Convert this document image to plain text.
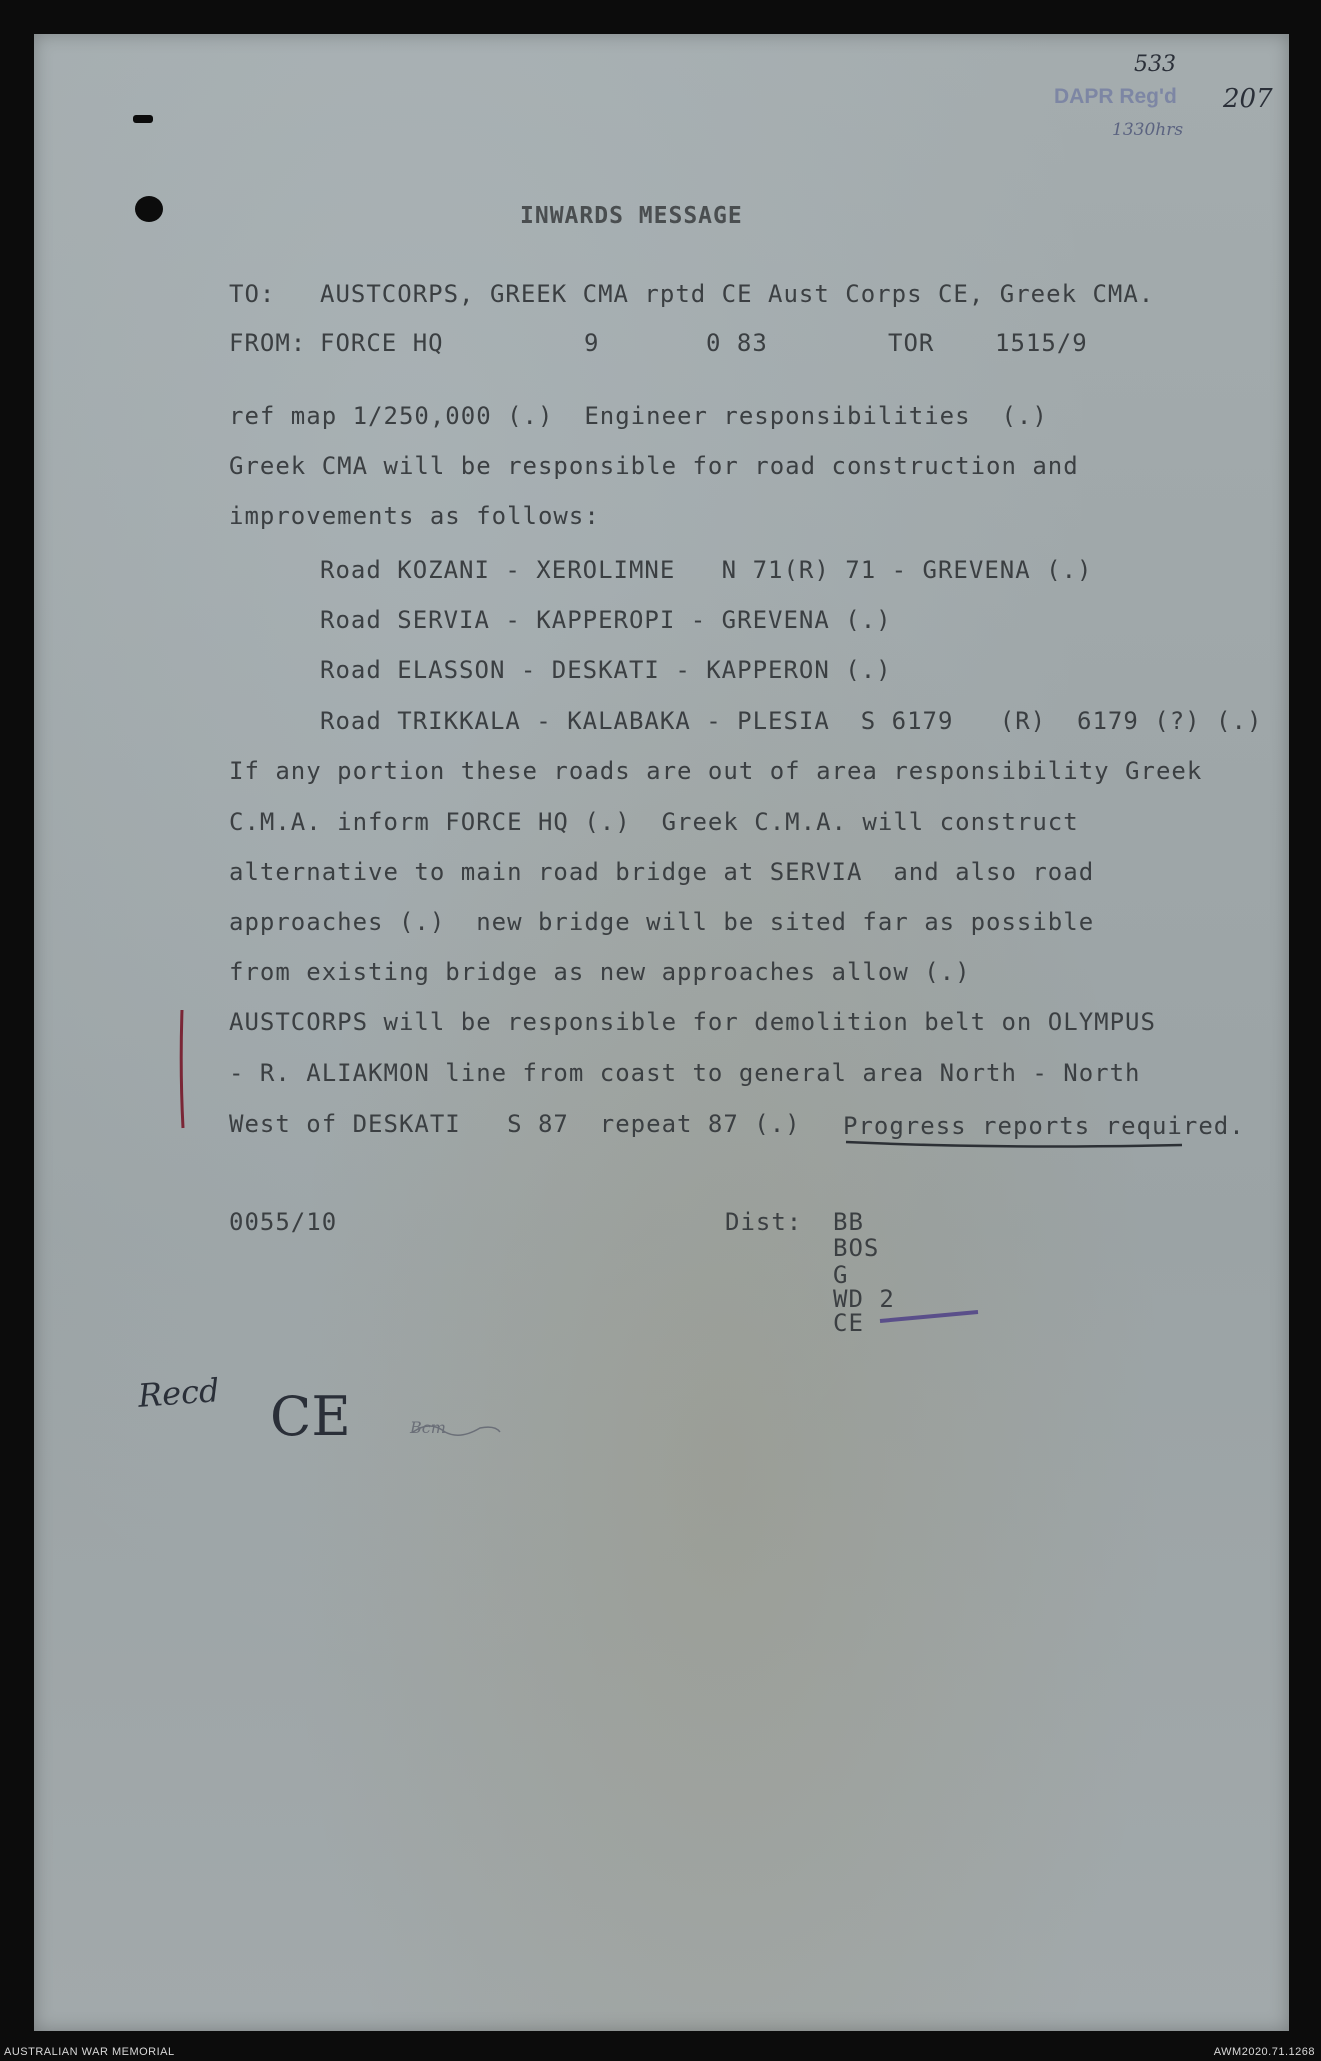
533
DAPR Reg'd 207
1330hrs
INWARDS MESSAGE
TO: AUSTCORPS, GREEK CMA rptd CE Aust Corps CE, Greek CMA.
FROM: FORCE HQ	9	0 83	TOR	1515/9
ref map 1/250,000 (.)  Engineer responsibilities  (.)
Greek CMA will be responsible for road construction and
improvements as follows:
Road KOZANI - XEROLIMNE   N 71(R) 71 - GREVENA (.)
Road SERVIA - KAPPEROPI - GREVENA (.)
Road ELASSON - DESKATI - KAPPERON (.)
Road TRIKKALA - KALABAKA - PLESIA  S 6179   (R)  6179 (?) (.)
If any portion these roads are out of area responsibility Greek
C.M.A. inform FORCE HQ (.)  Greek C.M.A. will construct
alternative to main road bridge at SERVIA  and also road
approaches (.)  new bridge will be sited far as possible
from existing bridge as new approaches allow (.)
AUSTCORPS will be responsible for demolition belt on OLYMPUS
- R. ALIAKMON line from coast to general area North - North
West of DESKATI   S 87  repeat 87 (.) Progress reports required.
0055/10	Dist: BB
BOS
G
WD 2
CE
Recd CE	Bcm
AUSTRALIAN WAR MEMORIAL	AWM2020.71.1268
